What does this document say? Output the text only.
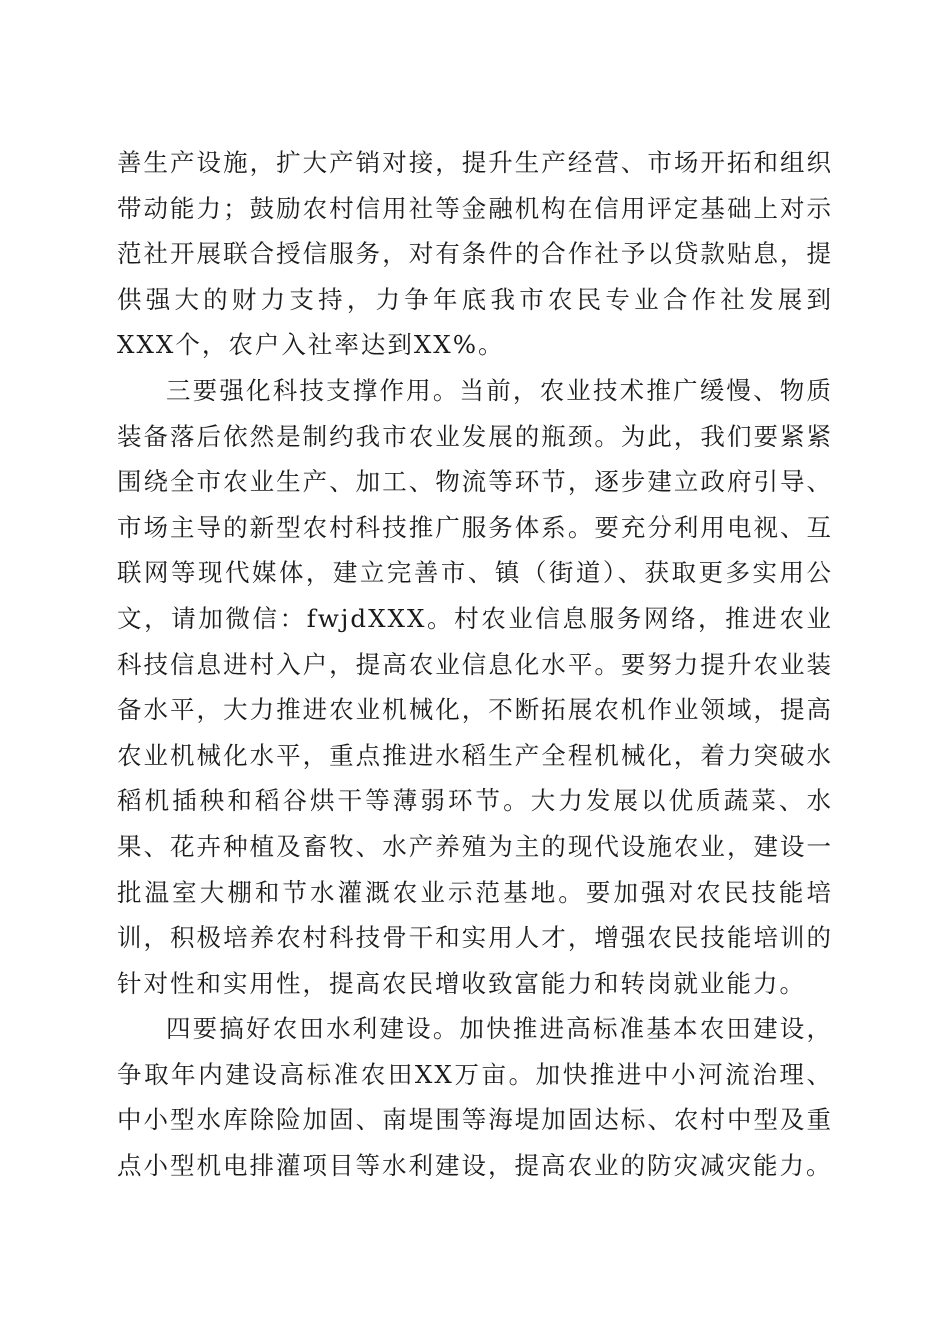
善生产设施，扩大产销对接，提升生产经营、市场开拓和组织带动能力；鼓励农村信用社等金融机构在信用评定基础上对示范社开展联合授信服务，对有条件的合作社予以贷款贴息，提供强大的财力支持，力争年底我市农民专业合作社发展到XXX个，农户入社率达到XX%。

三要强化科技支撑作用。当前，农业技术推广缓慢、物质装备落后依然是制约我市农业发展的瓶颈。为此，我们要紧紧围绕全市农业生产、加工、物流等环节，逐步建立政府引导、市场主导的新型农村科技推广服务体系。要充分利用电视、互联网等现代媒体，建立完善市、镇（街道）、获取更多实用公文，请加微信：fwjdXXX。村农业信息服务网络，推进农业科技信息进村入户，提高农业信息化水平。要努力提升农业装备水平，大力推进农业机械化，不断拓展农机作业领域，提高农业机械化水平，重点推进水稻生产全程机械化，着力突破水稻机插秧和稻谷烘干等薄弱环节。大力发展以优质蔬菜、水果、花卉种植及畜牧、水产养殖为主的现代设施农业，建设一批温室大棚和节水灌溉农业示范基地。要加强对农民技能培训，积极培养农村科技骨干和实用人才，增强农民技能培训的针对性和实用性，提高农民增收致富能力和转岗就业能力。

四要搞好农田水利建设。加快推进高标准基本农田建设，争取年内建设高标准农田XX万亩。加快推进中小河流治理、中小型水库除险加固、南堤围等海堤加固达标、农村中型及重点小型机电排灌项目等水利建设，提高农业的防灾减灾能力。
